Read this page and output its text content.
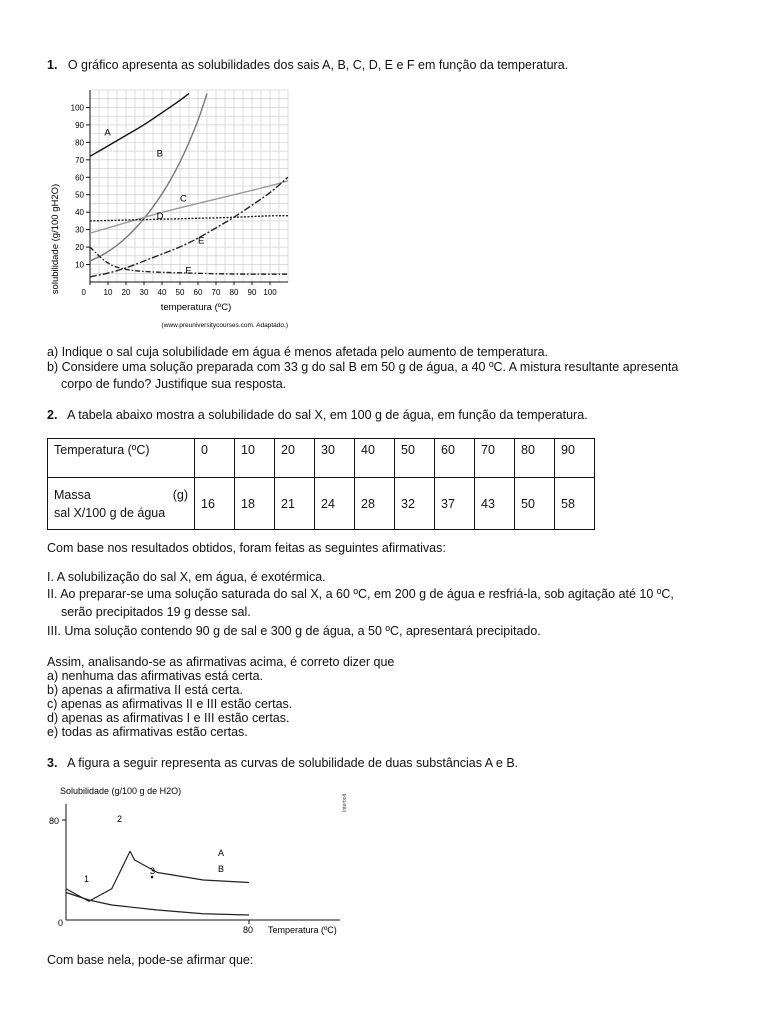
1. O gráfico apresenta as solubilidades dos sais A, B, C, D, E e F em função da temperatura.
solubilidade (g/100 gH2O) 10
20
30
40
50
60
70
80
90
100
0 10 20 30 40 50 60 70 80 90 100
A
B
C
D
E
F
temperatura (ºC)
(www.preuniversitycourses.com. Adaptado.)
a) Indique o sal cuja solubilidade em água é menos afetada pelo aumento de temperatura.
b) Considere uma solução preparada com 33 g do sal B em 50 g de água, a 40 ºC. A mistura resultante apresenta
corpo de fundo? Justifique sua resposta.
2. A tabela abaixo mostra a solubilidade do sal X, em 100 g de água, em função da temperatura.
Temperatura (ºC)	0	10	20	30	40	50	60	70	80	90

Massa (g)
sal X/100 g de água	16	18	21	24	28	32	37	43	50	58
Com base nos resultados obtidos, foram feitas as seguintes afirmativas:
I. A solubilização do sal X, em água, é exotérmica.
II. Ao preparar-se uma solução saturada do sal X, a 60 ºC, em 200 g de água e resfriá-la, sob agitação até 10 ºC,
serão precipitados 19 g desse sal.
III. Uma solução contendo 90 g de sal e 300 g de água, a 50 ºC, apresentará precipitado.
Assim, analisando-se as afirmativas acima, é correto dizer que
a) nenhuma das afirmativas está certa.
b) apenas a afirmativa II está certa.
c) apenas as afirmativas II e III estão certas.
d) apenas as afirmativas I e III estão certas.
e) todas as afirmativas estão certas.
3. A figura a seguir representa as curvas de solubilidade de duas substâncias A e B.
Solubilidade (g/100 g de H2O)
Interbolt
80
0
80 Temperatura (ºC)
A
B
1
2
3
Com base nela, pode-se afirmar que:
